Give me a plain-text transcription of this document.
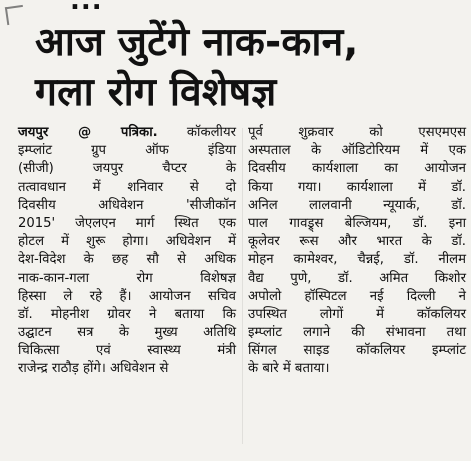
...
आज जुटेंगे नाक-कान,
गला रोग विशेषज्ञ
जयपुर @ पत्रिका. कॉकलीयर
इम्प्लांट ग्रुप ऑफ इंडिया
(सीजी) जयपुर चैप्टर के
तत्वावधान में शनिवार से दो
दिवसीय अधिवेशन 'सीजीकॉन
2015' जेएलएन मार्ग स्थित एक
होटल में शुरू होगा। अधिवेशन में
देश-विदेश के छह सौ से अधिक
नाक-कान-गला रोग विशेषज्ञ
हिस्सा ले रहे हैं। आयोजन सचिव
डॉ. मोहनीश ग्रोवर ने बताया कि
उद्घाटन सत्र के मुख्य अतिथि
चिकित्सा एवं स्वास्थ्य मंत्री
राजेन्द्र राठौड़ होंगे। अधिवेशन से
पूर्व शुक्रवार को एसएमएस
अस्पताल के ऑडिटोरियम में एक
दिवसीय कार्यशाला का आयोजन
किया गया। कार्यशाला में डॉ.
अनिल लालवानी न्यूयार्क, डॉ.
पाल गावड्र्स बेल्जियम, डॉ. इना
कूलेवर रूस और भारत के डॉ.
मोहन कामेश्वर, चैन्नई, डॉ. नीलम
वैद्य पुणे, डॉ. अमित किशोर
अपोलो हॉस्पिटल नई दिल्ली ने
उपस्थित लोगों में कॉकलियर
इम्प्लांट लगाने की संभावना तथा
सिंगल साइड कॉकलियर इम्प्लांट
के बारे में बताया।
